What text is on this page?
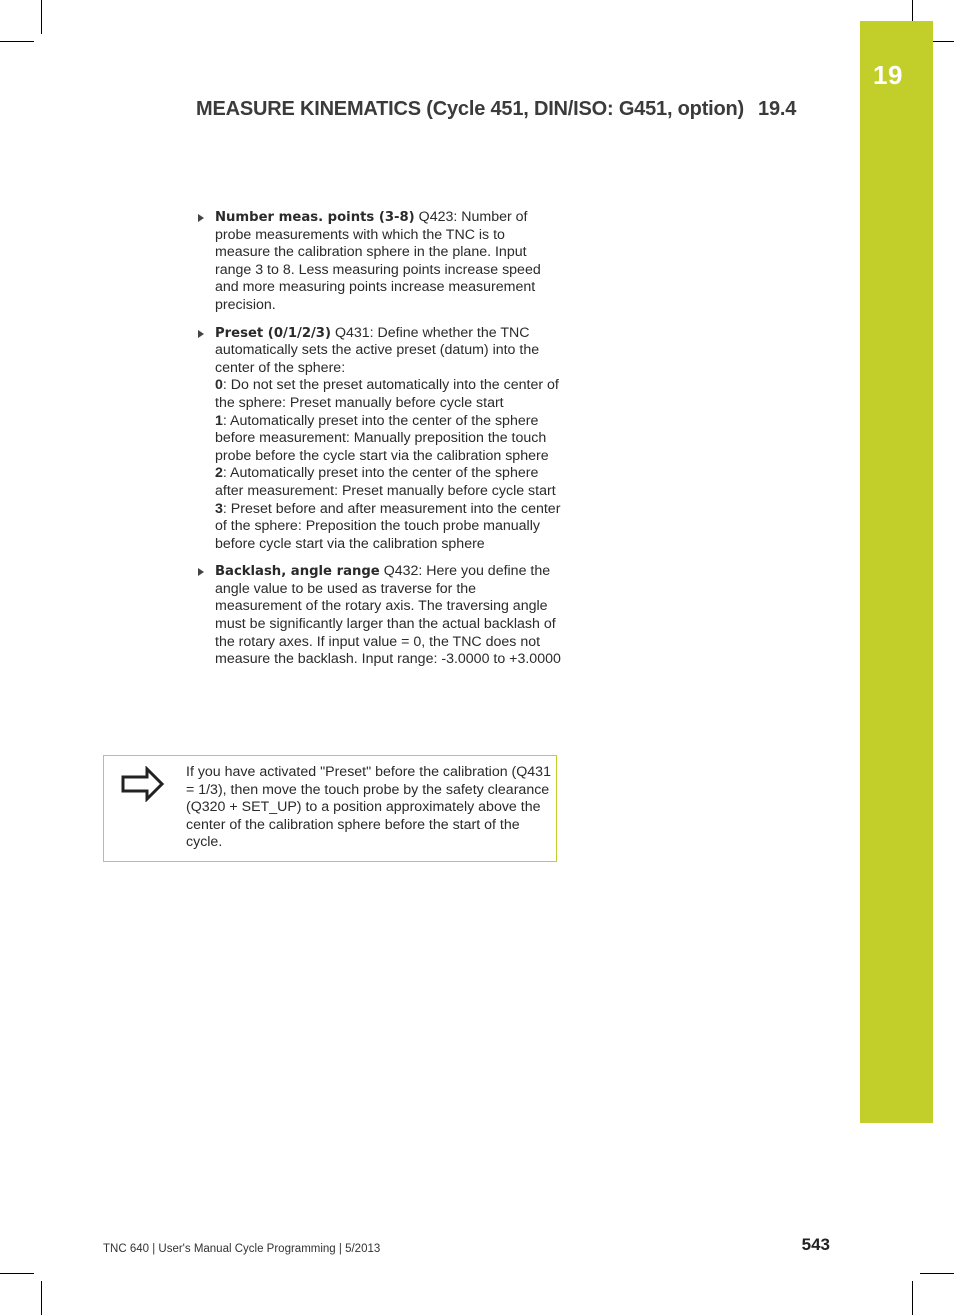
19
MEASURE KINEMATICS (Cycle 451, DIN/ISO: G451, option) 19.4
Number meas. points (3-8) Q423: Number of probe measurements with which the TNC is to measure the calibration sphere in the plane. Input range 3 to 8. Less measuring points increase speed and more measuring points increase measurement precision.
Preset (0/1/2/3) Q431: Define whether the TNC automatically sets the active preset (datum) into the center of the sphere:
0: Do not set the preset automatically into the center of the sphere: Preset manually before cycle start
1: Automatically preset into the center of the sphere before measurement: Manually preposition the touch probe before the cycle start via the calibration sphere
2: Automatically preset into the center of the sphere after measurement: Preset manually before cycle start
3: Preset before and after measurement into the center of the sphere: Preposition the touch probe manually before cycle start via the calibration sphere
Backlash, angle range Q432: Here you define the angle value to be used as traverse for the measurement of the rotary axis. The traversing angle must be significantly larger than the actual backlash of the rotary axes. If input value = 0, the TNC does not measure the backlash. Input range: -3.0000 to +3.0000
If you have activated "Preset" before the calibration (Q431 = 1/3), then move the touch probe by the safety clearance (Q320 + SET_UP) to a position approximately above the center of the calibration sphere before the start of the cycle.
TNC 640 | User's Manual Cycle Programming | 5/2013	543
